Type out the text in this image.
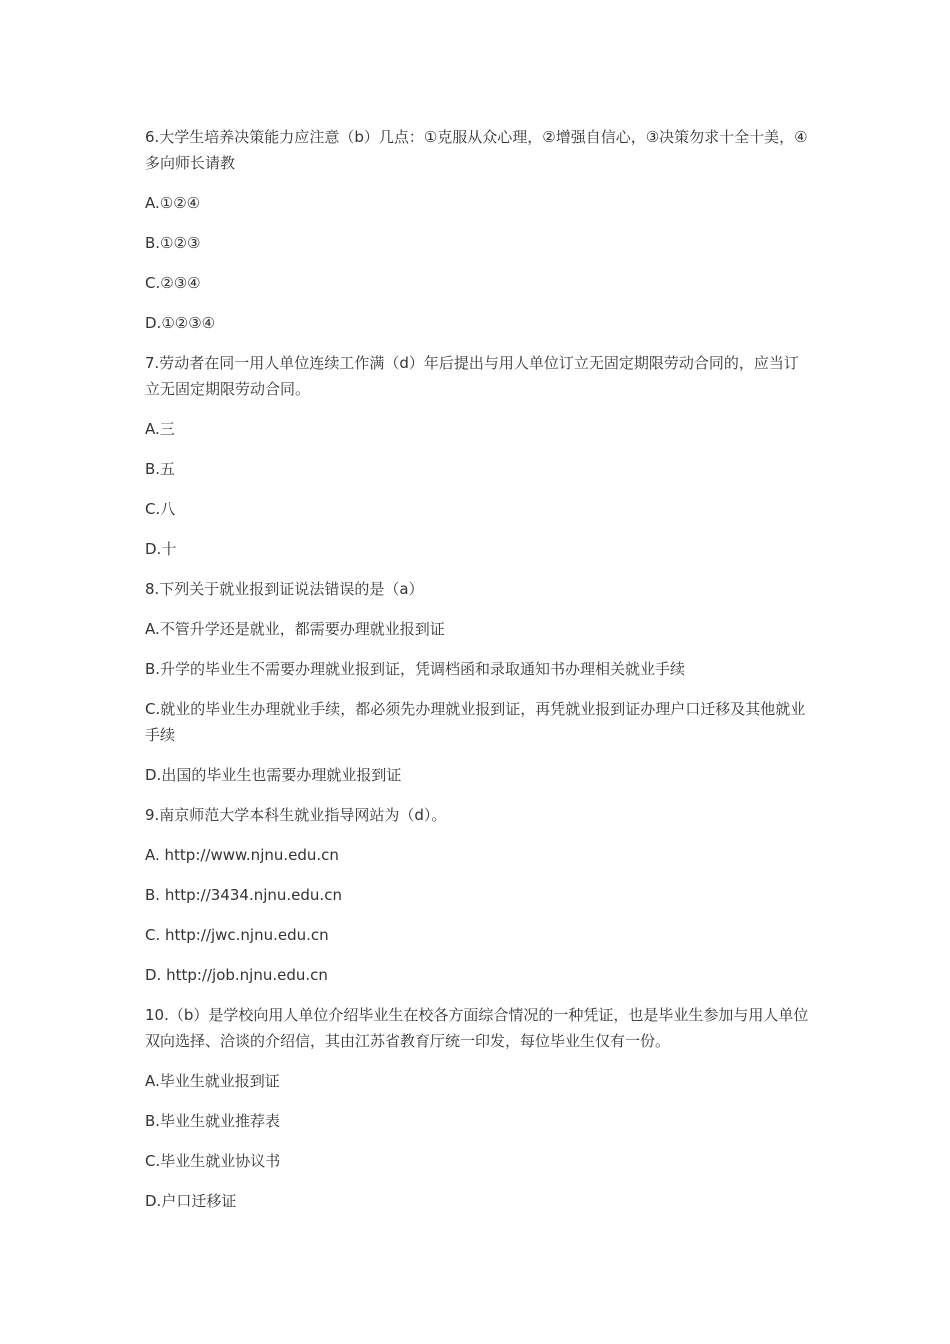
6.大学生培养决策能力应注意（b）几点：①克服从众心理，②增强自信心，③决策勿求十全十美，④多向师长请教

A.①②④

B.①②③

C.②③④

D.①②③④

7.劳动者在同一用人单位连续工作满（d）年后提出与用人单位订立无固定期限劳动合同的，应当订立无固定期限劳动合同。

A.三

B.五

C.八

D.十

8.下列关于就业报到证说法错误的是（a）

A.不管升学还是就业，都需要办理就业报到证

B.升学的毕业生不需要办理就业报到证，凭调档函和录取通知书办理相关就业手续

C.就业的毕业生办理就业手续，都必须先办理就业报到证，再凭就业报到证办理户口迁移及其他就业手续

D.出国的毕业生也需要办理就业报到证

9.南京师范大学本科生就业指导网站为（d）。

A. http://www.njnu.edu.cn

B. http://3434.njnu.edu.cn

C. http://jwc.njnu.edu.cn

D. http://job.njnu.edu.cn

10.（b）是学校向用人单位介绍毕业生在校各方面综合情况的一种凭证，也是毕业生参加与用人单位双向选择、洽谈的介绍信，其由江苏省教育厅统一印发，每位毕业生仅有一份。

A.毕业生就业报到证

B.毕业生就业推荐表

C.毕业生就业协议书

D.户口迁移证
